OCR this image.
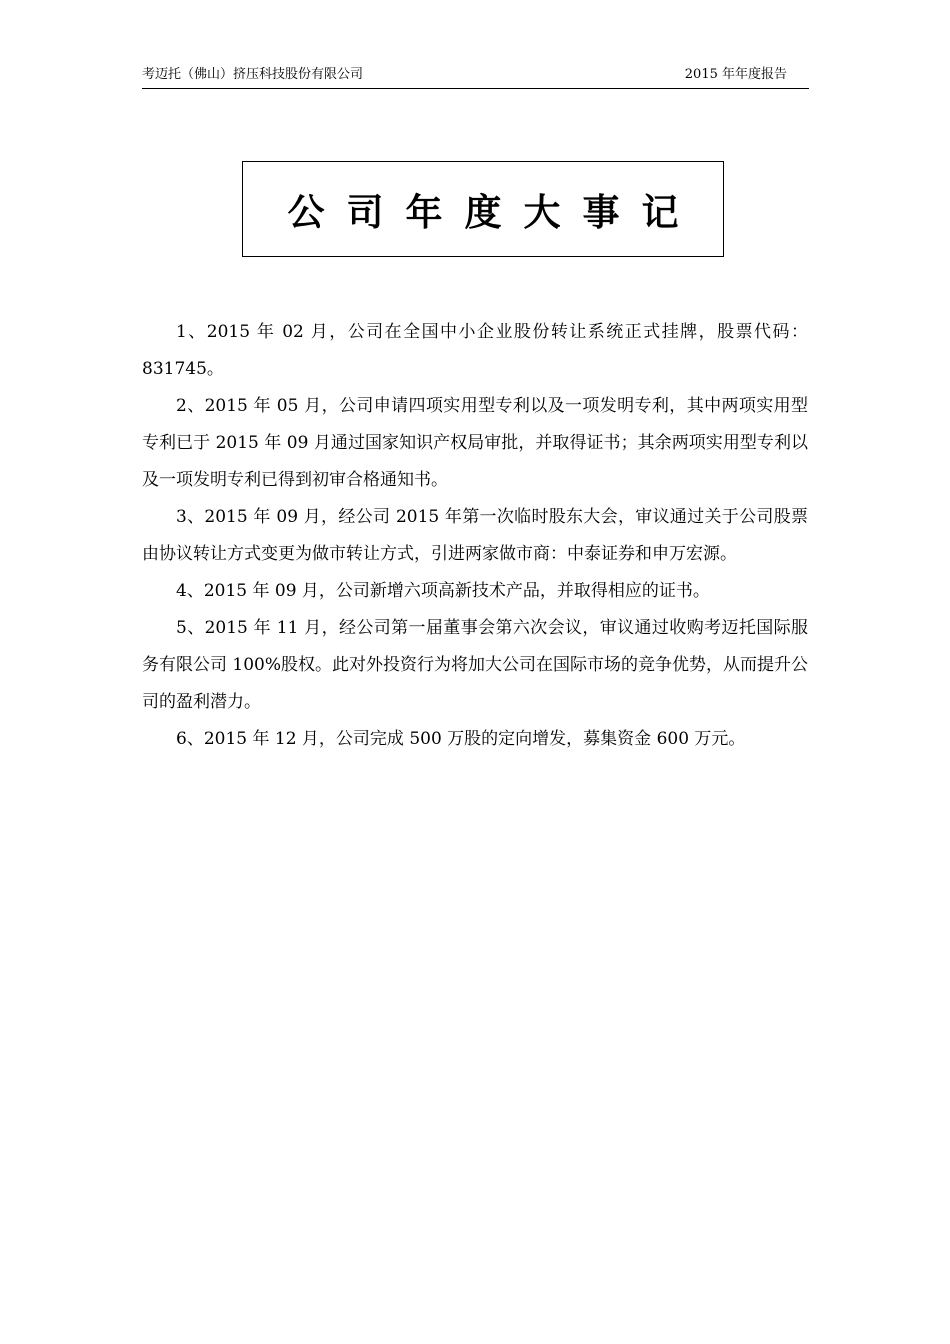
考迈托（佛山）挤压科技股份有限公司	2015 年年度报告
公司年度大事记

1、2015 年 02 月，公司在全国中小企业股份转让系统正式挂牌，股票代码：831745。

2、2015 年 05 月，公司申请四项实用型专利以及一项发明专利，其中两项实用型专利已于 2015 年 09 月通过国家知识产权局审批，并取得证书；其余两项实用型专利以及一项发明专利已得到初审合格通知书。

3、2015 年 09 月，经公司 2015 年第一次临时股东大会，审议通过关于公司股票由协议转让方式变更为做市转让方式，引进两家做市商：中泰证券和申万宏源。

4、2015 年 09 月，公司新增六项高新技术产品，并取得相应的证书。

5、2015 年 11 月，经公司第一届董事会第六次会议，审议通过收购考迈托国际服务有限公司 100%股权。此对外投资行为将加大公司在国际市场的竞争优势，从而提升公司的盈利潜力。

6、2015 年 12 月，公司完成 500 万股的定向增发，募集资金 600 万元。
